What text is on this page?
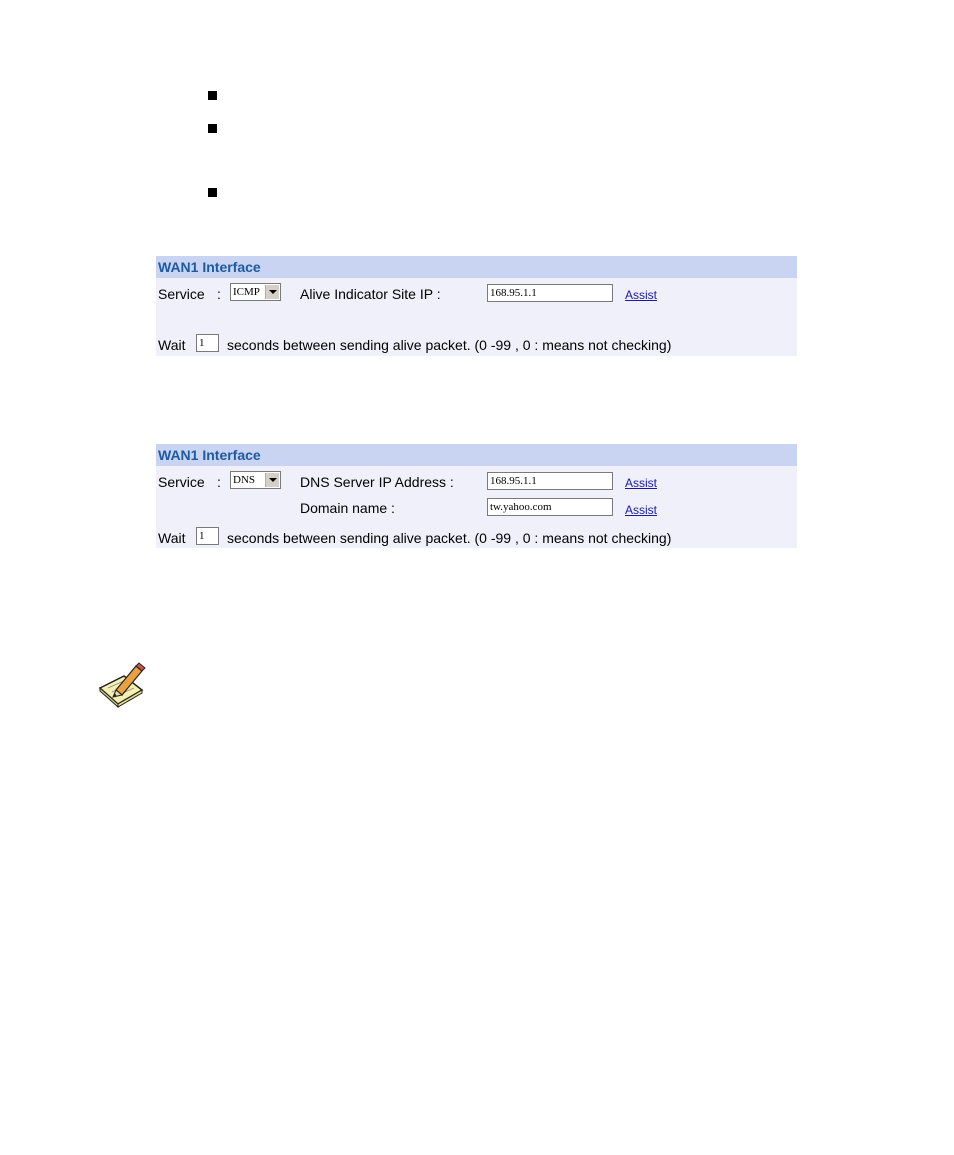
WAN1 Interface
Service : ICMP	Alive Indicator Site IP :	168.95.1.1	Assist
Wait 1	seconds between sending alive packet. (0 -99 , 0 : means not checking)
WAN1 Interface
Service : DNS	DNS Server IP Address :	168.95.1.1	Assist
Domain name :	tw.yahoo.com	Assist
Wait 1	seconds between sending alive packet. (0 -99 , 0 : means not checking)
